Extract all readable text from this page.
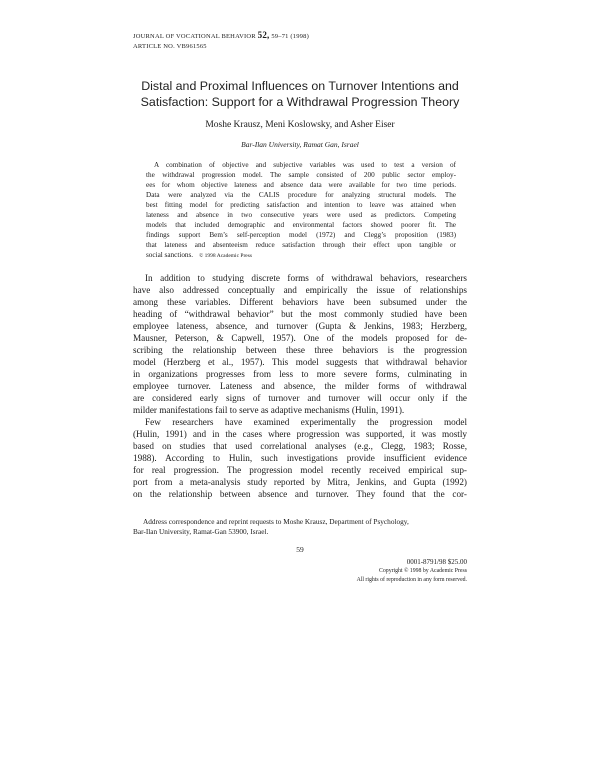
JOURNAL OF VOCATIONAL BEHAVIOR 52, 59–71 (1998)
ARTICLE NO. VB961565
Distal and Proximal Influences on Turnover Intentions and
Satisfaction: Support for a Withdrawal Progression Theory
Moshe Krausz, Meni Koslowsky, and Asher Eiser
Bar-Ilan University, Ramat Gan, Israel
A combination of objective and subjective variables was used to test a version of
the withdrawal progression model. The sample consisted of 200 public sector employ-
ees for whom objective lateness and absence data were available for two time periods.
Data were analyzed via the CALIS procedure for analyzing structural models. The
best fitting model for predicting satisfaction and intention to leave was attained when
lateness and absence in two consecutive years were used as predictors. Competing
models that included demographic and environmental factors showed poorer fit. The
findings support Bem’s self-perception model (1972) and Clegg’s proposition (1983)
that lateness and absenteeism reduce satisfaction through their effect upon tangible or
social sanctions. © 1998 Academic Press
In addition to studying discrete forms of withdrawal behaviors, researchers
have also addressed conceptually and empirically the issue of relationships
among these variables. Different behaviors have been subsumed under the
heading of “withdrawal behavior” but the most commonly studied have been
employee lateness, absence, and turnover (Gupta & Jenkins, 1983; Herzberg,
Mausner, Peterson, & Capwell, 1957). One of the models proposed for de-
scribing the relationship between these three behaviors is the progression
model (Herzberg et al., 1957). This model suggests that withdrawal behavior
in organizations progresses from less to more severe forms, culminating in
employee turnover. Lateness and absence, the milder forms of withdrawal
are considered early signs of turnover and turnover will occur only if the
milder manifestations fail to serve as adaptive mechanisms (Hulin, 1991).
Few researchers have examined experimentally the progression model
(Hulin, 1991) and in the cases where progression was supported, it was mostly
based on studies that used correlational analyses (e.g., Clegg, 1983; Rosse,
1988). According to Hulin, such investigations provide insufficient evidence
for real progression. The progression model recently received empirical sup-
port from a meta-analysis study reported by Mitra, Jenkins, and Gupta (1992)
on the relationship between absence and turnover. They found that the cor-
Address correspondence and reprint requests to Moshe Krausz, Department of Psychology,
Bar-Ilan University, Ramat-Gan 53900, Israel.
59
0001-8791/98 $25.00
Copyright © 1998 by Academic Press
All rights of reproduction in any form reserved.
